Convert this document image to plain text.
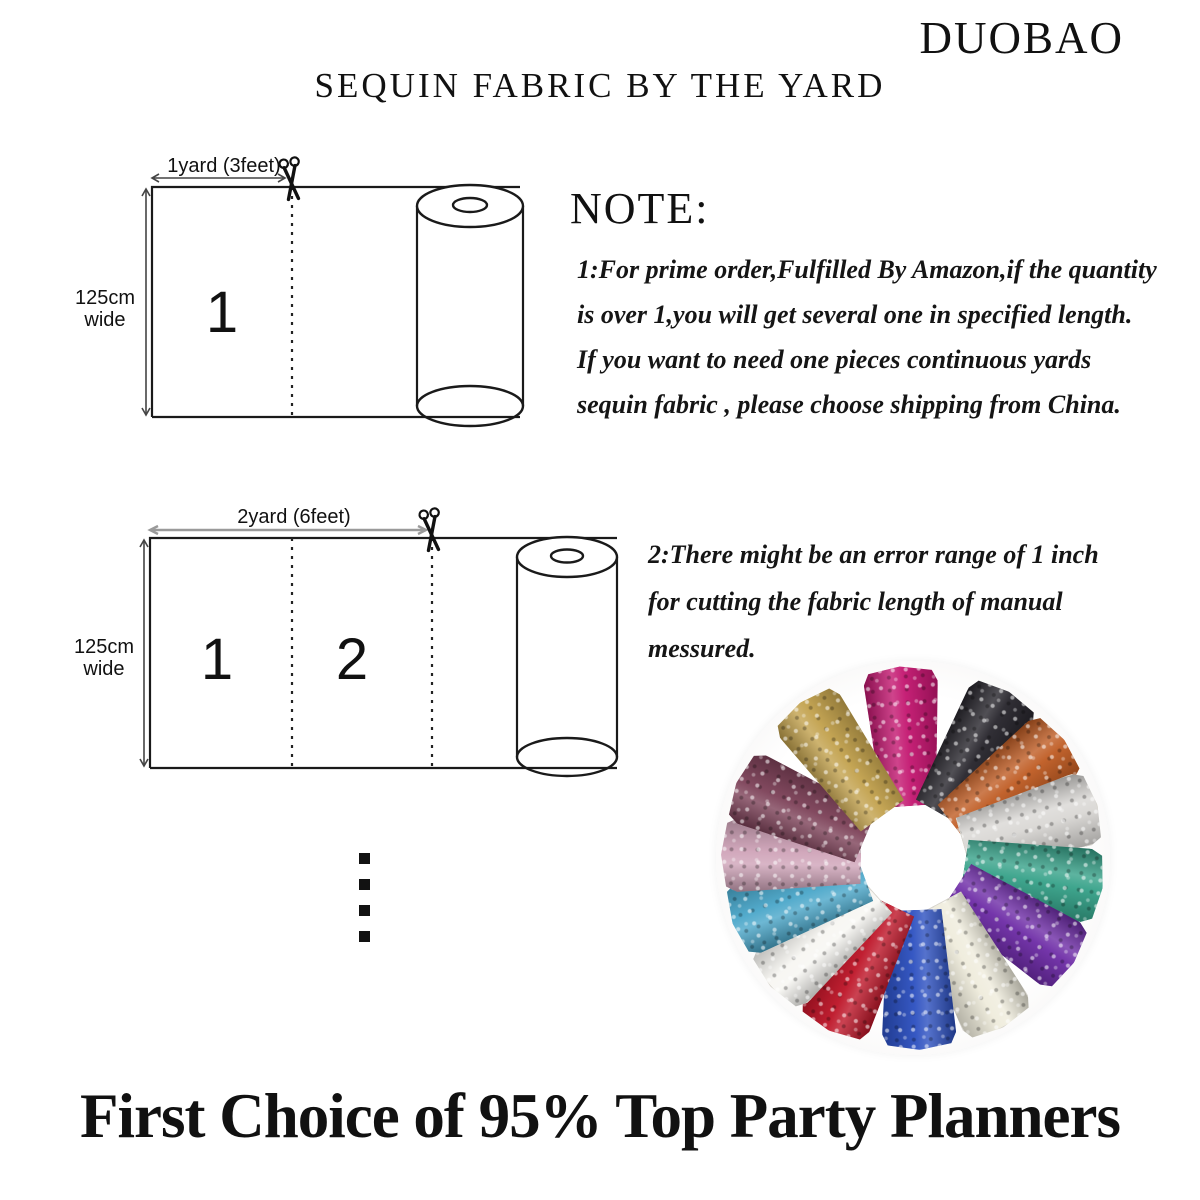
DUOBAO
SEQUIN FABRIC BY THE YARD
1yard (3feet)
1
125cm
wide
NOTE:
1:For prime order,Fulfilled By Amazon,if the quantity
is over 1,you will get several one in specified length.
If you want to need one pieces continuous yards
sequin fabric , please choose shipping from China.
2yard (6feet)
1 2
125cm
wide
2:There might be an error range of 1 inch
for cutting the fabric length of manual
messured.
First Choice of 95% Top Party Planners
